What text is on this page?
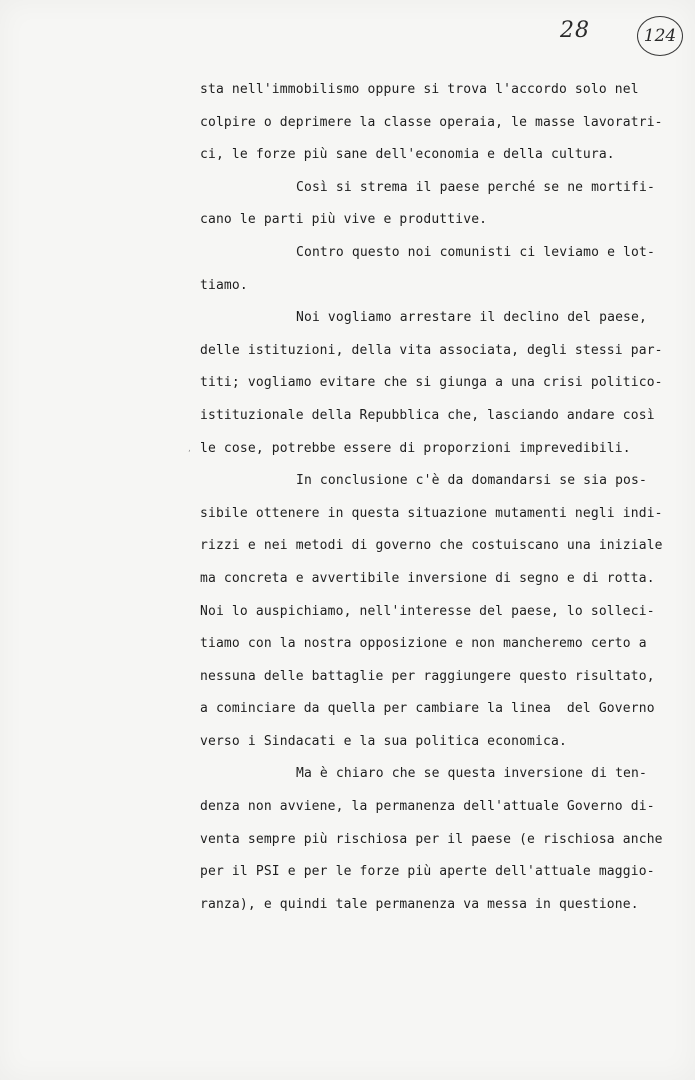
28	124
,
sta nell'immobilismo oppure si trova l'accordo solo nel
colpire o deprimere la classe operaia, le masse lavoratri-
ci, le forze più sane dell'economia e della cultura.
Così si strema il paese perché se ne mortifi-
cano le parti più vive e produttive.
Contro questo noi comunisti ci leviamo e lot-
tiamo.
Noi vogliamo arrestare il declino del paese,
delle istituzioni, della vita associata, degli stessi par-
titi; vogliamo evitare che si giunga a una crisi politico-
istituzionale della Repubblica che, lasciando andare così
le cose, potrebbe essere di proporzioni imprevedibili.
In conclusione c'è da domandarsi se sia pos-
sibile ottenere in questa situazione mutamenti negli indi-
rizzi e nei metodi di governo che costuiscano una iniziale
ma concreta e avvertibile inversione di segno e di rotta.
Noi lo auspichiamo, nell'interesse del paese, lo solleci-
tiamo con la nostra opposizione e non mancheremo certo a
nessuna delle battaglie per raggiungere questo risultato,
a cominciare da quella per cambiare la linea  del Governo
verso i Sindacati e la sua politica economica.
Ma è chiaro che se questa inversione di ten-
denza non avviene, la permanenza dell'attuale Governo di-
venta sempre più rischiosa per il paese (e rischiosa anche
per il PSI e per le forze più aperte dell'attuale maggio-
ranza), e quindi tale permanenza va messa in questione.
